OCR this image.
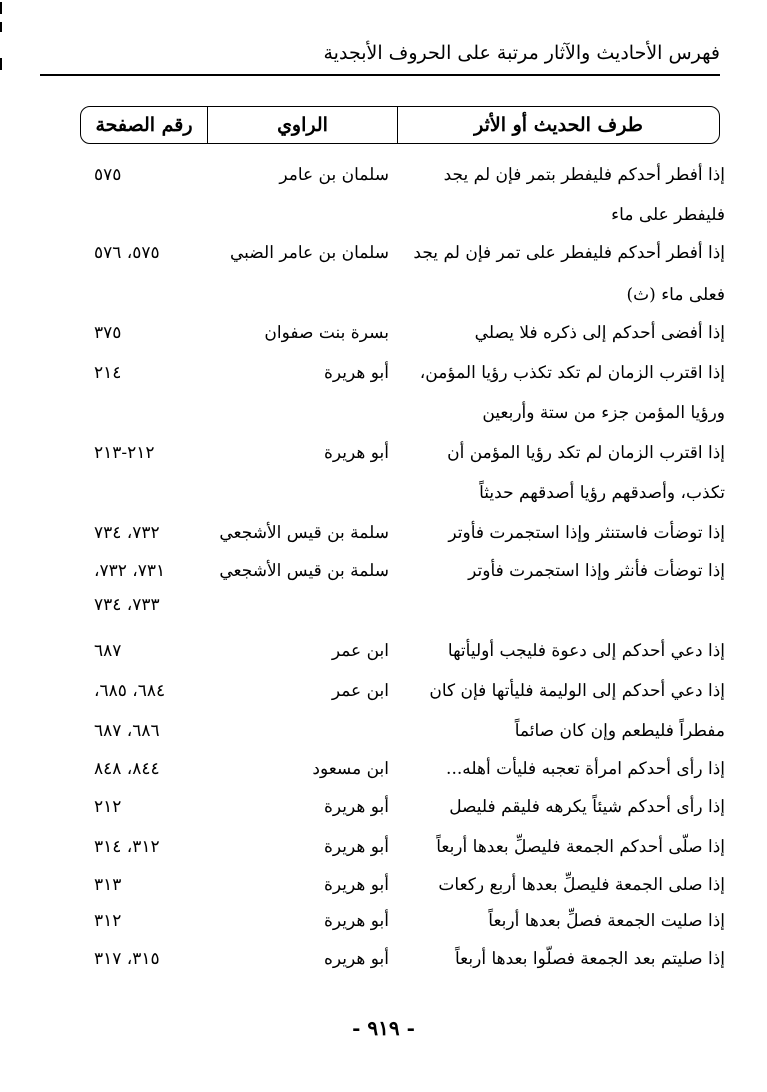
فهرس الأحاديث والآثار مرتبة على الحروف الأبجدية
طرف الحديث أو الأثر
الراوي
رقم الصفحة
إذا أفطر أحدكم فليفطر بتمر فإن لم يجد
سلمان بن عامر
٥٧٥
فليفطر على ماء
إذا أفطر أحدكم فليفطر على تمر فإن لم يجد
سلمان بن عامر الضبي
٥٧٥، ٥٧٦
فعلى ماء (ث)
إذا أفضى أحدكم إلى ذكره فلا يصلي
بسرة بنت صفوان
٣٧٥
إذا اقترب الزمان لم تكد تكذب رؤيا المؤمن،
أبو هريرة
٢١٤
ورؤيا المؤمن جزء من ستة وأربعين
إذا اقترب الزمان لم تكد رؤيا المؤمن أن
أبو هريرة
٢١٢-٢١٣
تكذب، وأصدقهم رؤيا أصدقهم حديثاً
إذا توضأت فاستنثر وإذا استجمرت فأوتر
سلمة بن قيس الأشجعي
٧٣٢، ٧٣٤
إذا توضأت فأنثر وإذا استجمرت فأوتر
سلمة بن قيس الأشجعي
٧٣١، ٧٣٢،
٧٣٣، ٧٣٤
إذا دعي أحدكم إلى دعوة فليجب أوليأتها
ابن عمر
٦٨٧
إذا دعي أحدكم إلى الوليمة فليأتها فإن كان
ابن عمر
٦٨٤، ٦٨٥،
مفطراً فليطعم وإن كان صائماً
٦٨٦، ٦٨٧
إذا رأى أحدكم امرأة تعجبه فليأت أهله...
ابن مسعود
٨٤٤، ٨٤٨
إذا رأى أحدكم شيئاً يكرهه فليقم فليصل
أبو هريرة
٢١٢
إذا صلّى أحدكم الجمعة فليصلِّ بعدها أربعاً
أبو هريرة
٣١٢، ٣١٤
إذا صلى الجمعة فليصلِّ بعدها أربع ركعات
أبو هريرة
٣١٣
إذا صليت الجمعة فصلِّ بعدها أربعاً
أبو هريرة
٣١٢
إذا صليتم بعد الجمعة فصلّوا بعدها أربعاً
أبو هريره
٣١٥، ٣١٧
- ٩١٩ -
